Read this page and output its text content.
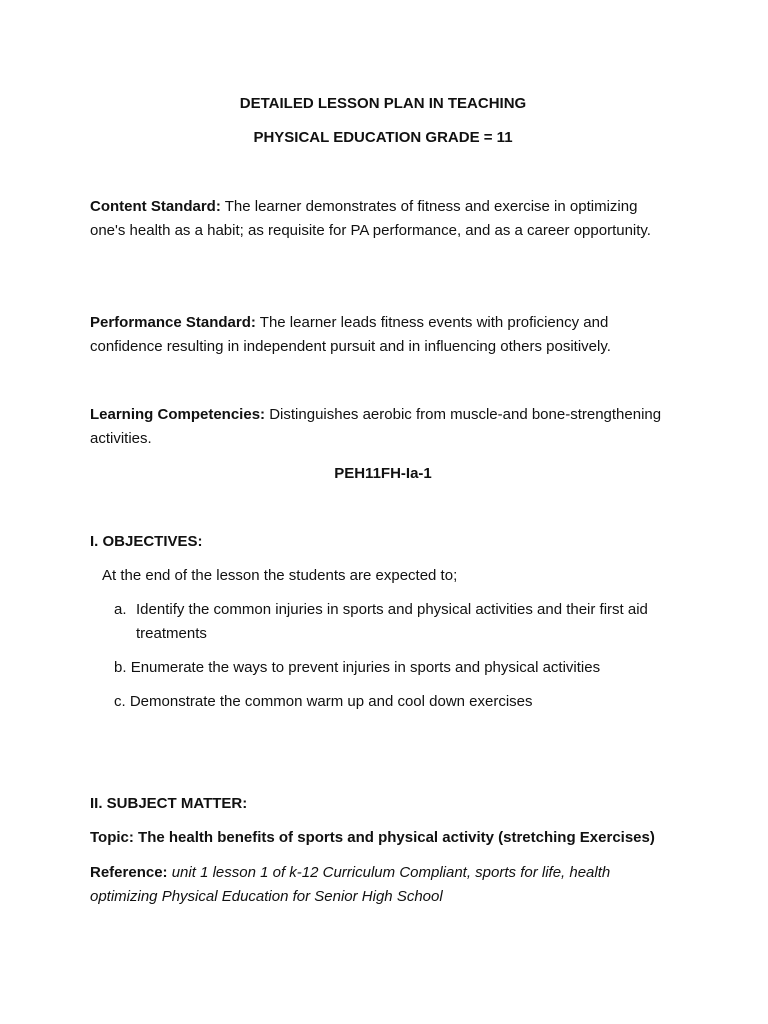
DETAILED LESSON PLAN IN TEACHING
PHYSICAL EDUCATION GRADE = 11

Content Standard: The learner demonstrates of fitness and exercise in optimizing one's health as a habit; as requisite for PA performance, and as a career opportunity.

Performance Standard: The learner leads fitness events with proficiency and confidence resulting in independent pursuit and in influencing others positively.

Learning Competencies: Distinguishes aerobic from muscle-and bone-strengthening activities.

PEH11FH-Ia-1
I. OBJECTIVES:
At the end of the lesson the students are expected to;
a. Identify the common injuries in sports and physical activities and their first aid treatments
b. Enumerate the ways to prevent injuries in sports and physical activities
c. Demonstrate the common warm up and cool down exercises
II. SUBJECT MATTER:
Topic: The health benefits of sports and physical activity (stretching Exercises)

Reference: unit 1 lesson 1 of k-12 Curriculum Compliant, sports for life, health optimizing Physical Education for Senior High School
